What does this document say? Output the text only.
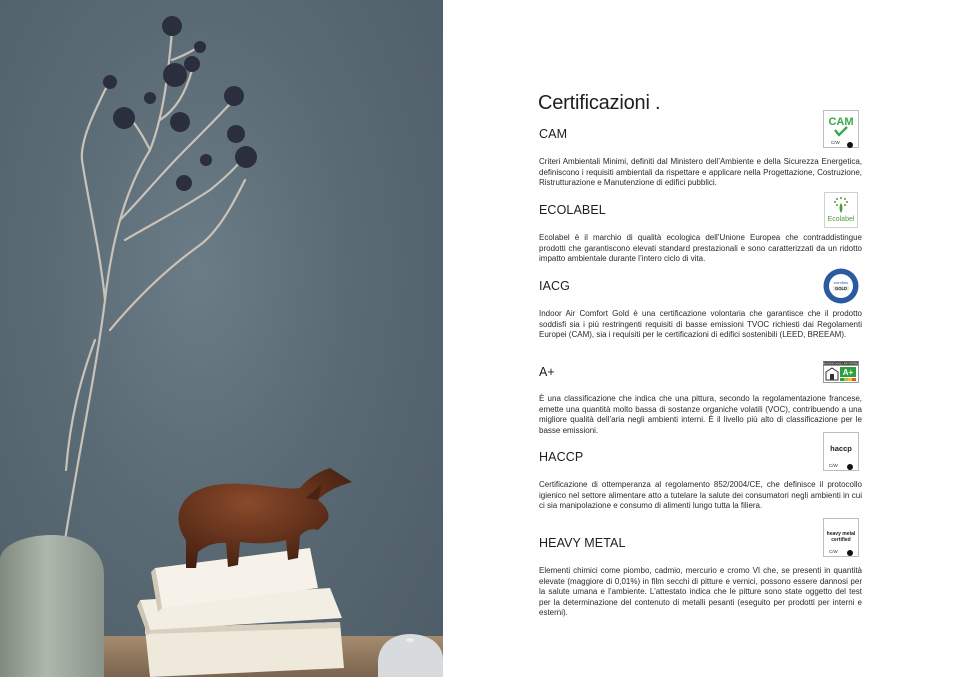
Certificazioni .
CAM
Criteri Ambientali Minimi, definiti dal Ministero dell’Ambiente e della Sicurezza Energetica, definiscono i requisiti ambientali da rispettare e applicare nella Progettazione, Costruzione, Ristrutturazione e Manutenzione di edifici pubblici.
CAM
C/W
ECOLABEL
Ecolabel è il marchio di qualità ecologica dell’Unione Europea che contraddistingue prodotti che garantiscono elevati standard prestazionali e sono caratterizzati da un ridotto impatto ambientale durante l’intero ciclo di vita.
Ecolabel
IACG
Indoor Air Comfort Gold è una certificazione volontaria che garantisce che il prodotto soddisfi sia i più restringenti requisiti di basse emissioni TVOC richiesti dai Regolamenti Europei (CAM), sia i requisiti per le certificazioni di edifici sostenibili (LEED, BREEAM).
eurofins
GOLD
A+
È una classificazione che indica che una pittura, secondo la regolamentazione francese, emette una quantità molto bassa di sostanze organiche volatili (VOC), contribuendo a una migliore qualità dell’aria negli ambienti interni. È il livello più alto di classificazione per le basse emissioni.
ÉMISSIONS DANS L'AIR INTÉRIEUR
A+
HACCP
Certificazione di ottemperanza al regolamento 852/2004/CE, che definisce il protocollo igienico nel settore alimentare atto a tutelare la salute dei consumatori negli ambienti in cui ci sia manipolazione e consumo di alimenti lungo tutta la filiera.
haccp
C/W
HEAVY METAL
Elementi chimici come piombo, cadmio, mercurio e cromo VI che, se presenti in quantità elevate (maggiore di 0,01%) in film secchi di pitture e vernici, possono essere dannosi per la salute umana e l’ambiente. L’attestato indica che le pitture sono state oggetto del test per la determinazione del contenuto di metalli pesanti (eseguito per prodotti per interni e esterni).
heavy metal
certified
C/W
